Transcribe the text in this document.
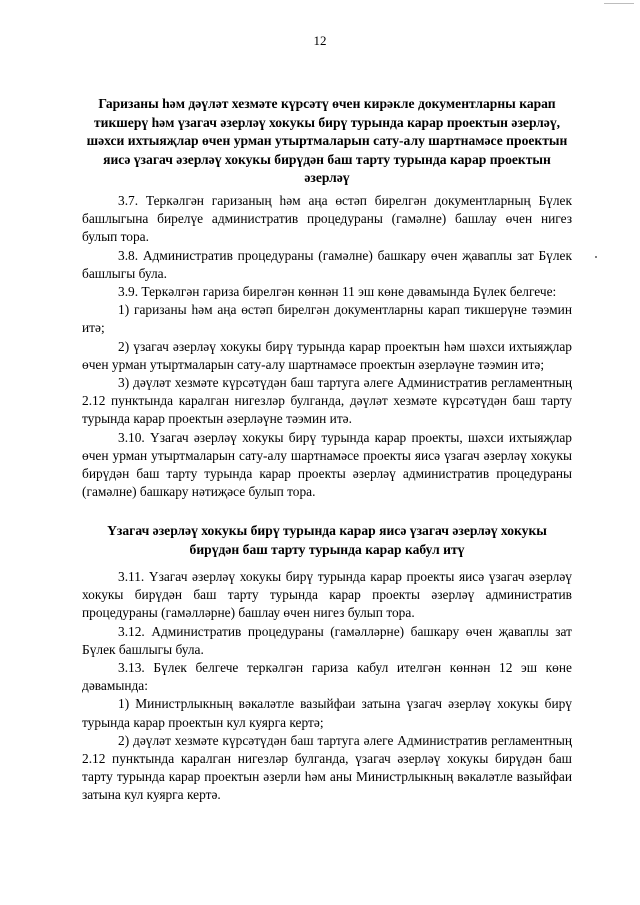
12
Гаризаны һәм дәүләт хезмәте күрсәтү өчен кирәкле документларны карап тикшерү һәм үзагач әзерләү хокукы бирү турында карар проектын әзерләү, шәхси ихтыяҗлар өчен урман утыртмаларын сату-алу шартнамәсе проектын яисә үзагач әзерләү хокукы бирүдән баш тарту турында карар проектын әзерләү

3.7. Теркәлгән гаризаның һәм аңа өстәп бирелгән документларның Бүлек башлыгына бирелүе административ процедураны (гамәлне) башлау өчен нигез булып тора.

3.8. Административ процедураны (гамәлне) башкару өчен җаваплы зат Бүлек башлыгы була.

3.9. Теркәлгән гариза бирелгән көннән 11 эш көне дәвамында Бүлек белгече:

1) гаризаны һәм аңа өстәп бирелгән документларны карап тикшерүне тәэмин итә;

2) үзагач әзерләү хокукы бирү турында карар проектын һәм шәхси ихтыяҗлар өчен урман утыртмаларын сату-алу шартнамәсе проектын әзерләүне тәэмин итә;

3) дәүләт хезмәте күрсәтүдән баш тартуга әлеге Административ регламентның 2.12 пунктында каралган нигезләр булганда, дәүләт хезмәте күрсәтүдән баш тарту турында карар проектын әзерләүне тәэмин итә.

3.10. Үзагач әзерләү хокукы бирү турында карар проекты, шәхси ихтыяҗлар өчен урман утыртмаларын сату-алу шартнамәсе проекты яисә үзагач әзерләү хокукы бирүдән баш тарту турында карар проекты әзерләү административ процедураны (гамәлне) башкару нәтиҗәсе булып тора.

Үзагач әзерләү хокукы бирү турында карар яисә үзагач әзерләү хокукы бирүдән баш тарту турында карар кабул итү

3.11. Үзагач әзерләү хокукы бирү турында карар проекты яисә үзагач әзерләү хокукы бирүдән баш тарту турында карар проекты әзерләү административ процедураны (гамәлләрне) башлау өчен нигез булып тора.

3.12. Административ процедураны (гамәлләрне) башкару өчен җаваплы зат Бүлек башлыгы була.

3.13. Бүлек белгече теркәлгән гариза кабул ителгән көннән 12 эш көне дәвамында:

1) Министрлыкның вәкаләтле вазыйфаи затына үзагач әзерләү хокукы бирү турында карар проектын кул куярга кертә;

2) дәүләт хезмәте күрсәтүдән баш тартуга әлеге Административ регламентның 2.12 пунктында каралган нигезләр булганда, үзагач әзерләү хокукы бирүдән баш тарту турында карар проектын әзерли һәм аны Министрлыкның вәкаләтле вазыйфаи затына кул куярга кертә.
